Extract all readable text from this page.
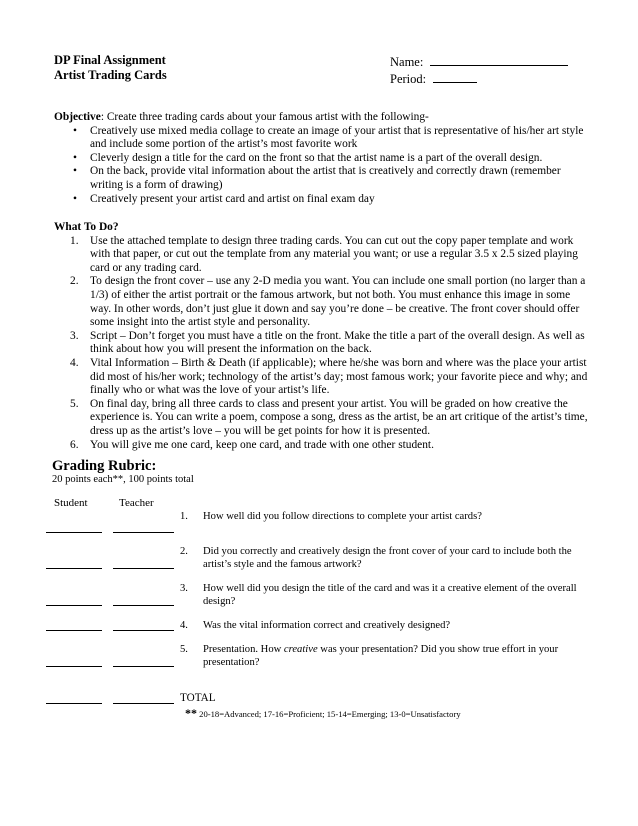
DP Final Assignment
Artist Trading Cards
Name:
Period:
Objective: Create three trading cards about your famous artist with the following-
• Creatively use mixed media collage to create an image of your artist that is representative of his/her art style and include some portion of the artist’s most favorite work
• Cleverly design a title for the card on the front so that the artist name is a part of the overall design.
• On the back, provide vital information about the artist that is creatively and correctly drawn (remember writing is a form of drawing)
• Creatively present your artist card and artist on final exam day
What To Do?
1. Use the attached template to design three trading cards. You can cut out the copy paper template and work with that paper, or cut out the template from any material you want; or use a regular 3.5 x 2.5 sized playing card or any trading card.
2. To design the front cover – use any 2-D media you want. You can include one small portion (no larger than a 1/3) of either the artist portrait or the famous artwork, but not both. You must enhance this image in some way. In other words, don’t just glue it down and say you’re done – be creative. The front cover should offer some insight into the artist style and personality.
3. Script – Don’t forget you must have a title on the front. Make the title a part of the overall design. As well as think about how you will present the information on the back.
4. Vital Information – Birth & Death (if applicable); where he/she was born and where was the place your artist did most of his/her work; technology of the artist’s day; most famous work; your favorite piece and why; and finally who or what was the love of your artist’s life.
5. On final day, bring all three cards to class and present your artist. You will be graded on how creative the experience is. You can write a poem, compose a song, dress as the artist, be an art critique of the artist’s time, dress up as the artist’s love – you will be get points for how it is presented.
6. You will give me one card, keep one card, and trade with one other student.
Grading Rubric:
20 points each**, 100 points total
Student	Teacher
1. How well did you follow directions to complete your artist cards?
2. Did you correctly and creatively design the front cover of your card to include both the artist’s style and the famous artwork?
3. How well did you design the title of the card and was it a creative element of the overall design?
4. Was the vital information correct and creatively designed?
5. Presentation. How creative was your presentation? Did you show true effort in your presentation?
TOTAL
** 20-18=Advanced; 17-16=Proficient; 15-14=Emerging; 13-0=Unsatisfactory
